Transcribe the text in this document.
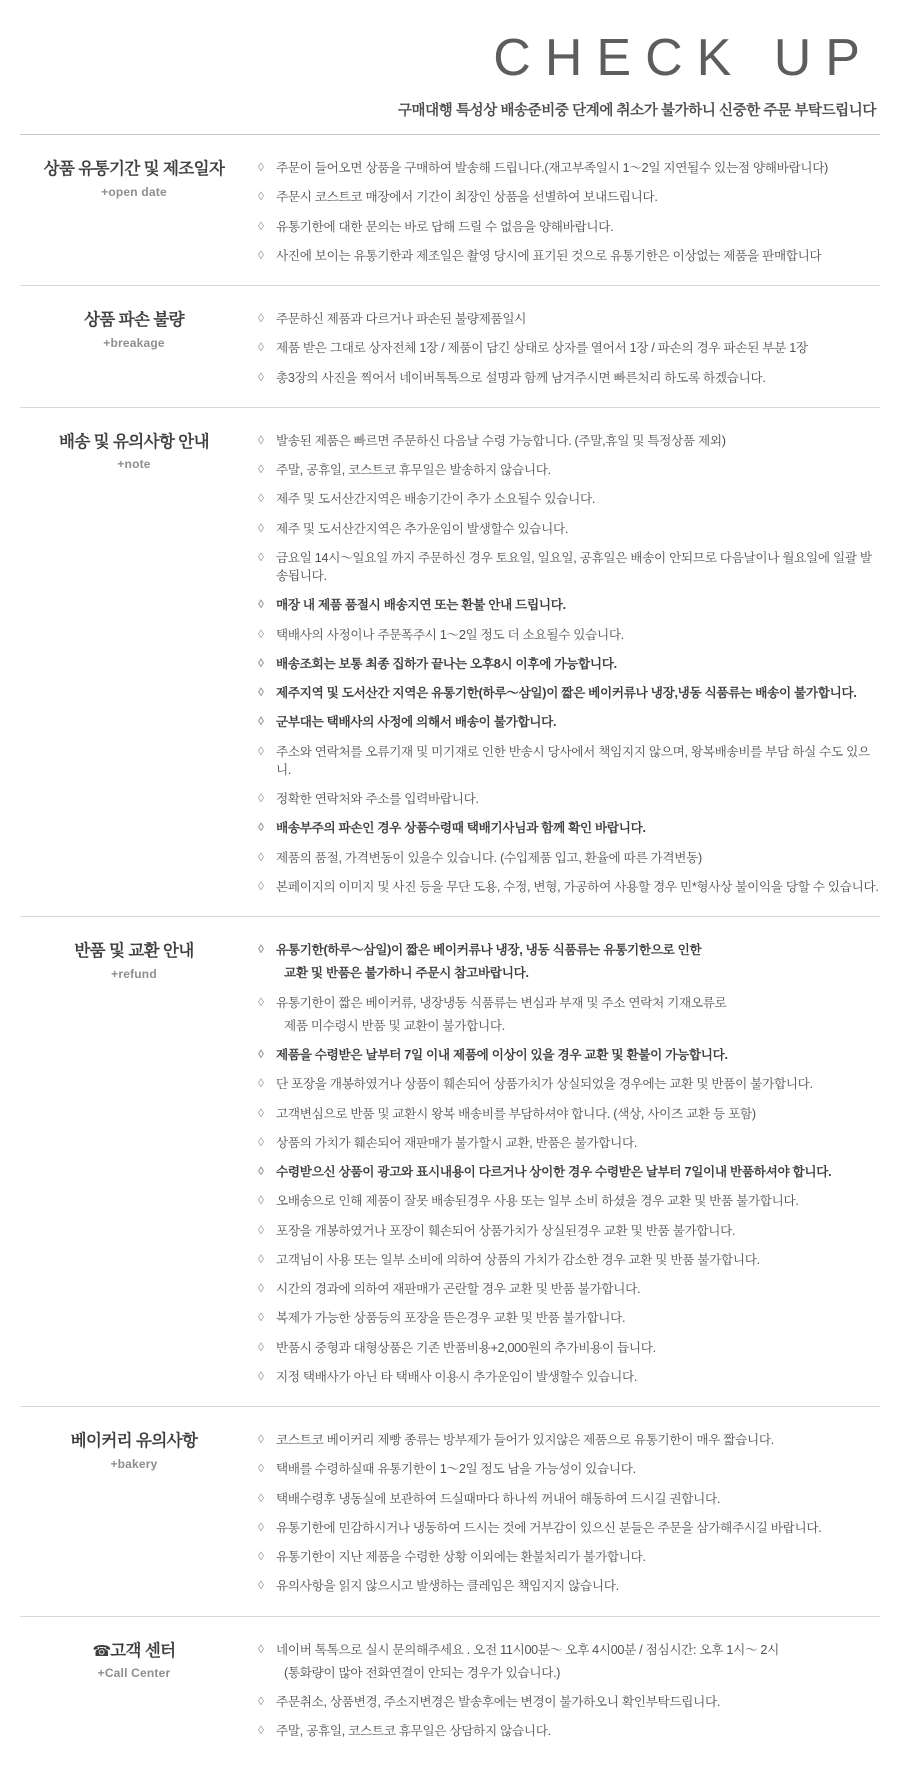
CHECK UP
구매대행 특성상 배송준비중 단계에 취소가 불가하니 신중한 주문 부탁드립니다
상품 유통기간 및 제조일자
+open date
◊ 주문이 들어오면 상품을 구매하여 발송해 드립니다.(재고부족일시 1〜2일 지연될수 있는점 양해바랍니다)
◊ 주문시 코스트코 매장에서 기간이 최장인 상품을 선별하여 보내드립니다.
◊ 유통기한에 대한 문의는 바로 답해 드릴 수 없음을 양해바랍니다.
◊ 사진에 보이는 유통기한과 제조일은 촬영 당시에 표기된 것으로 유통기한은 이상없는 제품을 판매합니다
상품 파손 불량
+breakage
◊ 주문하신 제품과 다르거나 파손된 불량제품일시
◊ 제품 받은 그대로 상자전체 1장 / 제품이 담긴 상태로 상자를 열어서 1장 / 파손의 경우 파손된 부분 1장
◊ 총3장의 사진을 찍어서 네이버톡톡으로 설명과 함께 남겨주시면 빠른처리 하도록 하겠습니다.
배송 및 유의사항 안내
+note
◊ 발송된 제품은 빠르면 주문하신 다음날 수령 가능합니다. (주말,휴일 및 특정상품 제외)
◊ 주말, 공휴일, 코스트코 휴무일은 발송하지 않습니다.
◊ 제주 및 도서산간지역은 배송기간이 추가 소요될수 있습니다.
◊ 제주 및 도서산간지역은 추가운임이 발생할수 있습니다.
◊ 금요일 14시〜일요일 까지 주문하신 경우 토요일, 일요일, 공휴일은 배송이 안되므로 다음날이나 월요일에 일괄 발송됩니다.
◊ 매장 내 제품 품절시 배송지연 또는 환불 안내 드립니다.
◊ 택배사의 사정이나 주문폭주시 1〜2일 정도 더 소요될수 있습니다.
◊ 배송조회는 보통 최종 집하가 끝나는 오후8시 이후에 가능합니다.
◊ 제주지역 및 도서산간 지역은 유통기한(하루〜삼일)이 짧은 베이커류나 냉장,냉동 식품류는 배송이 불가합니다.
◊ 군부대는 택배사의 사정에 의해서 배송이 불가합니다.
◊ 주소와 연락처를 오류기재 및 미기재로 인한 반송시 당사에서 책임지지 않으며, 왕복배송비를 부담 하실 수도 있으니.
◊ 정확한 연락처와 주소를 입력바랍니다.
◊ 배송부주의 파손인 경우 상품수령때 택배기사님과 함께 확인 바랍니다.
◊ 제품의 품절, 가격변동이 있을수 있습니다. (수입제품 입고, 환율에 따른 가격변동)
◊ 본페이지의 이미지 및 사진 등을 무단 도용, 수정, 변형, 가공하여 사용할 경우 민*형사상 불이익을 당할 수 있습니다.
반품 및 교환 안내
+refund
◊ 유통기한(하루〜삼일)이 짧은 베이커류나 냉장, 냉동 식품류는 유통기한으로 인한
교환 및 반품은 불가하니 주문시 참고바랍니다.
◊ 유통기한이 짧은 베이커류, 냉장냉동 식품류는 변심과 부재 및 주소 연락처 기재오류로
제품 미수령시 반품 및 교환이 불가합니다.
◊ 제품을 수령받은 날부터 7일 이내 제품에 이상이 있을 경우 교환 및 환불이 가능합니다.
◊ 단 포장을 개봉하였거나 상품이 훼손되어 상품가치가 상실되었을 경우에는 교환 및 반품이 불가합니다.
◊ 고객변심으로 반품 및 교환시 왕복 배송비를 부담하셔야 합니다. (색상, 사이즈 교환 등 포함)
◊ 상품의 가치가 훼손되어 재판매가 불가할시 교환, 반품은 불가합니다.
◊ 수령받으신 상품이 광고와 표시내용이 다르거나 상이한 경우 수령받은 날부터 7일이내 반품하셔야 합니다.
◊ 오배송으로 인해 제품이 잘못 배송된경우 사용 또는 일부 소비 하셨을 경우 교환 및 반품 불가합니다.
◊ 포장을 개봉하였거나 포장이 훼손되어 상품가치가 상실된경우 교환 및 반품 불가합니다.
◊ 고객님이 사용 또는 일부 소비에 의하여 상품의 가치가 감소한 경우 교환 및 반품 불가합니다.
◊ 시간의 경과에 의하여 재판매가 곤란할 경우 교환 및 반품 불가합니다.
◊ 복제가 가능한 상품등의 포장을 뜯은경우 교환 및 반품 불가합니다.
◊ 반품시 중형과 대형상품은 기존 반품비용+2,000원의 추가비용이 듭니다.
◊ 지정 택배사가 아닌 타 택배사 이용시 추가운임이 발생할수 있습니다.
베이커리 유의사항
+bakery
◊ 코스트코 베이커리 제빵 종류는 방부제가 들어가 있지않은 제품으로 유통기한이 매우 짧습니다.
◊ 택배를 수령하실때 유통기한이 1〜2일 정도 남을 가능성이 있습니다.
◊ 택배수령후 냉동실에 보관하여 드실때마다 하나씩 꺼내어 해동하여 드시길 권합니다.
◊ 유통기한에 민감하시거나 냉동하여 드시는 것에 거부감이 있으신 분들은 주문을 삼가해주시길 바랍니다.
◊ 유통기한이 지난 제품을 수령한 상황 이외에는 환불처리가 불가합니다.
◊ 유의사항을 읽지 않으시고 발생하는 클레임은 책임지지 않습니다.
☎고객 센터
+Call Center
◊ 네이버 톡톡으로 실시 문의해주세요 . 오전 11시00분〜 오후 4시00분 / 점심시간: 오후 1시〜 2시
(통화량이 많아 전화연결이 안되는 경우가 있습니다.)
◊ 주문취소, 상품변경, 주소지변경은 발송후에는 변경이 불가하오니 확인부탁드립니다.
◊ 주말, 공휴일, 코스트코 휴무일은 상담하지 않습니다.
